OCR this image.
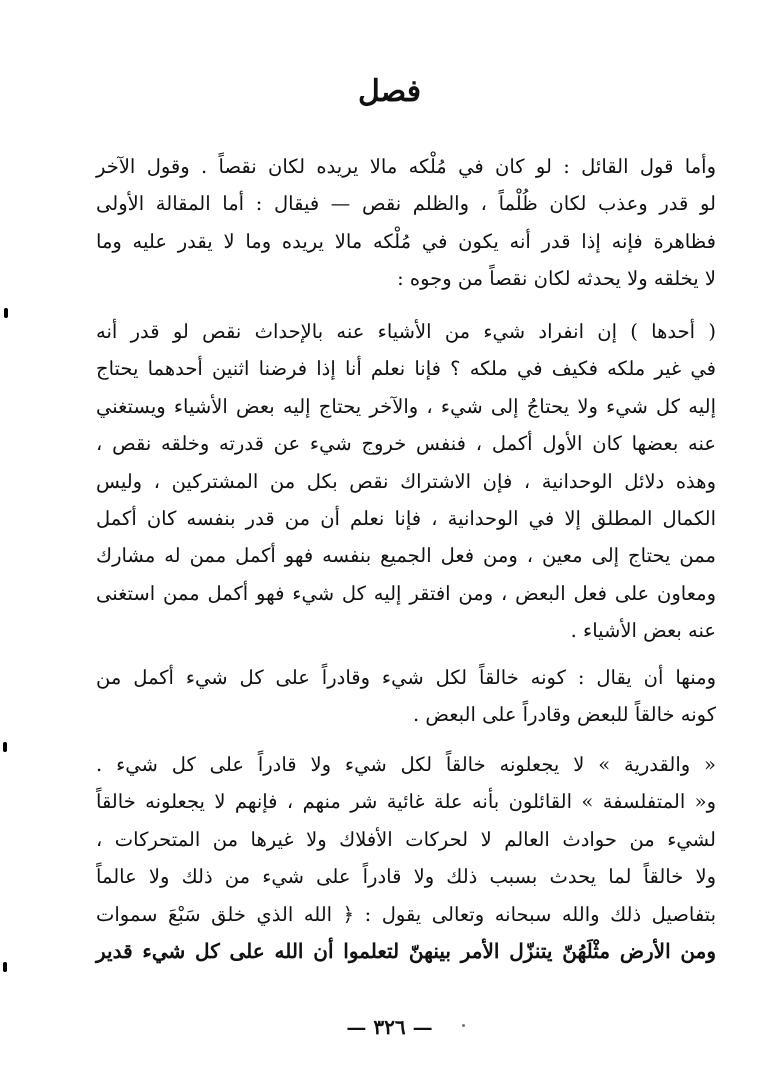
فصل
وأما قول القائل : لو كان في مُلْكه مالا يريده لكان نقصاً . وقول الآخر
لو قدر وعذب لكان ظُلْماً ، والظلم نقص — فيقال : أما المقالة الأولى
فظاهرة فإنه إذا قدر أنه يكون في مُلْكه مالا يريده وما لا يقدر عليه وما
لا يخلقه ولا يحدثه لكان نقصاً من وجوه :
( أحدها ) إن انفراد شيء من الأشياء عنه بالإحداث نقص لو قدر أنه
في غير ملكه فكيف في ملكه ؟ فإنا نعلم أنا إذا فرضنا اثنين أحدهما يحتاج
إليه كل شيء ولا يحتاجُ إلى شيء ، والآخر يحتاج إليه بعض الأشياء ويستغني
عنه بعضها كان الأول أكمل ، فنفس خروج شيء عن قدرته وخلقه نقص ،
وهذه دلائل الوحدانية ، فإن الاشتراك نقص بكل من المشتركين ، وليس
الكمال المطلق إلا في الوحدانية ، فإنا نعلم أن من قدر بنفسه كان أكمل
ممن يحتاج إلى معين ، ومن فعل الجميع بنفسه فهو أكمل ممن له مشارك
ومعاون على فعل البعض ، ومن افتقر إليه كل شيء فهو أكمل ممن استغنى
عنه بعض الأشياء .
ومنها أن يقال : كونه خالقاً لكل شيء وقادراً على كل شيء أكمل من
كونه خالقاً للبعض وقادراً على البعض .
« والقدرية » لا يجعلونه خالقاً لكل شيء ولا قادراً على كل شيء .
و« المتفلسفة » القائلون بأنه علة غائية شر منهم ، فإنهم لا يجعلونه خالقاً
لشيء من حوادث العالم لا لحركات الأفلاك ولا غيرها من المتحركات ،
ولا خالقاً لما يحدث بسبب ذلك ولا قادراً على شيء من ذلك ولا عالماً
بتفاصيل ذلك والله سبحانه وتعالى يقول : ﴿ الله الذي خلق سَبْعَ سموات
ومن الأرض مثْلَهُنّ يتنزّل الأمر بينهنّ لتعلموا أن الله على كل شيء قدير
— ٣٢٦ —
